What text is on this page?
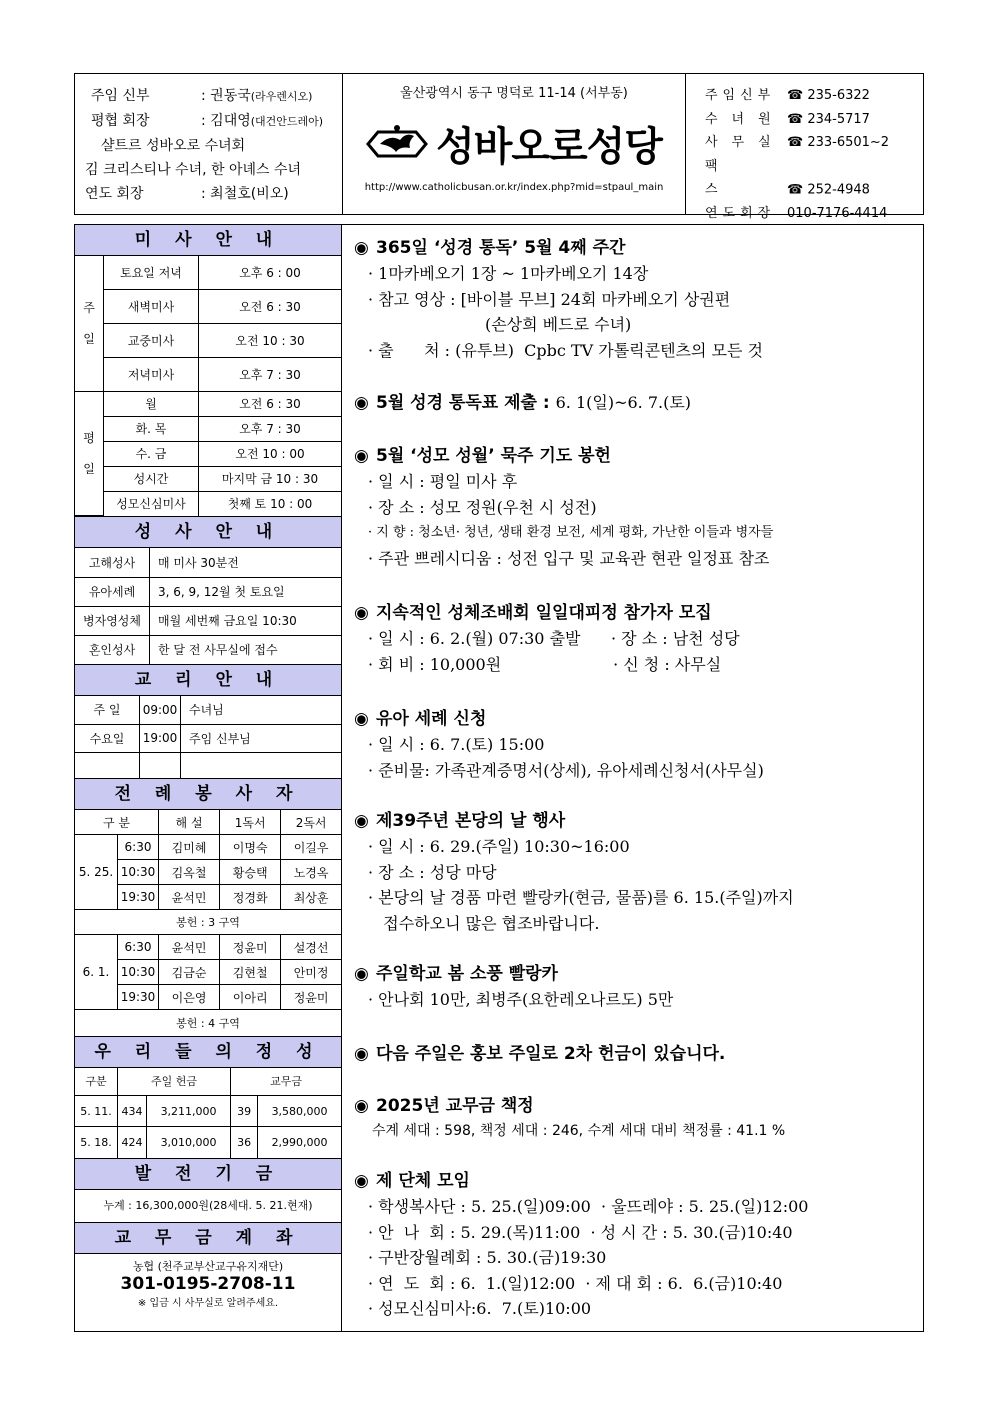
주임 신부	: 권동국(라우렌시오)
평협 회장	: 김대영(대건안드레아)
샬트르 성바오로 수녀회
김 크리스티나 수녀, 한 아녜스 수녀
연도 회장	: 최철호(비오)
울산광역시 동구 명덕로 11-14 (서부동)
성바오로성당
http://www.catholicbusan.or.kr/index.php?mid=stpaul_main
주임신부 ☎ 235-6322
수녀원 ☎ 234-5717
사무실 ☎ 233-6501~2
팩스 ☎ 252-4948
연도회장 010-7176-4414
미 사 안 내
주

일	토요일 저녁	오후 6 : 00
	새벽미사	오전 6 : 30
	교중미사	오전 10 : 30
	저녁미사	오후 7 : 30
평

일	월	오전 6 : 30
	화. 목	오후 7 : 30
	수. 금	오전 10 : 00
	성시간	마지막 금 10 : 30
	성모신심미사	첫째 토 10 : 00
성 사 안 내
고해성사	매 미사 30분전
유아세례	3, 6, 9, 12월 첫 토요일
병자영성체	매월 세번째 금요일 10:30
혼인성사	한 달 전 사무실에 접수
교 리 안 내
주 일	09:00	수녀님
수요일	19:00	주임 신부님

전 례 봉 사 자
구 분		해 설	1독서	2독서
5. 25.	6:30	김미혜	이명숙	이길우
	10:30	김옥철	황승택	노경옥
	19:30	윤석민	정경화	최상훈
봉헌 : 3 구역				
6. 1.	6:30	윤석민	정윤미	설경선
	10:30	김금순	김현철	안미정
	19:30	이은영	이아리	정윤미
봉헌 : 4 구역				
우 리 들 의 정 성
구분	주일 헌금		교무금	
5. 11.	434	3,211,000	39	3,580,000
5. 18.	424	3,010,000	36	2,990,000
발 전 기 금
누계 : 16,300,000원(28세대. 5. 21.현재)
교 무 금 계 좌
농협 (천주교부산교구유지재단)
301-0195-2708-11
※ 입금 시 사무실로 알려주세요.
◉ 365일 ‘성경 통독’ 5월 4째 주간
· 1마카베오기 1장 ~ 1마카베오기 14장
· 참고 영상 : [바이블 무브] 24회 마카베오기 상권편
(손상희 베드로 수녀)
· 출      처 : (유투브)  Cpbc TV 가톨릭콘텐츠의 모든 것
◉ 5월 성경 통독표 제출 : 6. 1(일)~6. 7.(토)
◉ 5월 ‘성모 성월’ 묵주 기도 봉헌
· 일 시 : 평일 미사 후
· 장 소 : 성모 정원(우천 시 성전)
· 지 향 : 청소년· 청년, 생태 환경 보전, 세계 평화, 가난한 이들과 병자들
· 주관 쁘레시디움 : 성전 입구 및 교육관 현관 일정표 참조
◉ 지속적인 성체조배회 일일대피정 참가자 모집
· 일 시 : 6. 2.(월) 07:30 출발      · 장 소 : 남천 성당
· 회 비 : 10,000원                      · 신 청 : 사무실
◉ 유아 세례 신청
· 일 시 : 6. 7.(토) 15:00
· 준비물: 가족관계증명서(상세), 유아세례신청서(사무실)
◉ 제39주년 본당의 날 행사
· 일 시 : 6. 29.(주일) 10:30~16:00
· 장 소 : 성당 마당
· 본당의 날 경품 마련 빨랑카(현금, 물품)를 6. 15.(주일)까지
접수하오니 많은 협조바랍니다.
◉ 주일학교 봄 소풍 빨랑카
· 안나회 10만, 최병주(요한레오나르도) 5만
◉ 다음 주일은 홍보 주일로 2차 헌금이 있습니다.
◉ 2025년 교무금 책정
수계 세대 : 598, 책정 세대 : 246, 수계 세대 대비 책정률 : 41.1 %
◉ 제 단체 모임
· 학생복사단 : 5. 25.(일)09:00  · 울뜨레야 : 5. 25.(일)12:00
· 안  나  회 : 5. 29.(목)11:00  · 성 시 간 : 5. 30.(금)10:40
· 구반장월례회 : 5. 30.(금)19:30
· 연  도  회 : 6.  1.(일)12:00  · 제 대 회 : 6.  6.(금)10:40
· 성모신심미사:6.  7.(토)10:00
